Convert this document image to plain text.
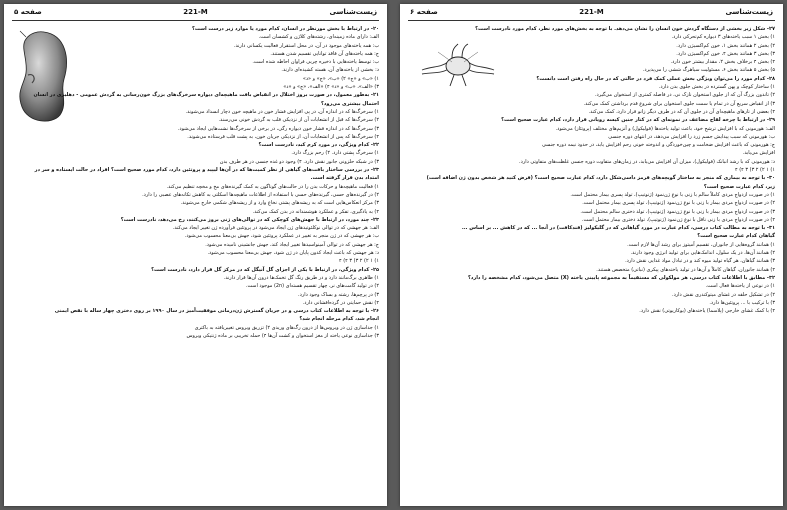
زیست‌شناسی
221-M
صفحه ۵
۲۰- در ارتباط با بخش مورنظر در انسان، کدام مورد یا موارد زیر درست است؟
الف: دارای ماده زمینه‌ای، رشته‌های کلاژن و کشسان است.
ب: همه یاخته‌های موجود در آن، در محل استقرار فعالیت یکسانی دارند.
ج: همه یاخته‌های آن فاقد توانایی تقسیم شدن هستند.
ب: توسط یاخته‌هایی با ذخیره چربی فراوان احاطه شده است.
د: بخشی از یاخته‌های آن، هسته کشیده‌ای دارند.
۱) «ب» و «ج» ۲) «ب»، «ج» و «د»
۳) «الف»، «ب» و «د» ۴) «الف»، «ج» و «د»
۲۱- به‌طور معمول، در صورت بروز اختلال در انقباض بافت ماهیچه‌ای دیواره سرخرگ‌های بزرگ خون‌رسانی به گردش عمومی - دهلیزی در انسان
احتمال بیشتری می‌رود؟
۱) سرخرگ‌ها که در اندازه آن، در پی افزایش فشار خون در ماهیچه خون دچار انسداد می‌شوند.
۲) سرخرگ‌ها که قبل از انشعابات آن از نزدیکی قلب به گردش خونی می‌رسند.
۳) سرخرگ‌ها که در اندازه فشار خون دیواره رگی، در برخی از سرخرگ‌ها نشت‌هایی ایجاد می‌شود.
۴) سرخرگ‌ها که پس از انشعابات آن، از نزدیکی جریان خون، به پشت قلب فرستاده می‌شوند.
۲۲- کدام ویژگی، در مورد کرم کبد، نادرست است؟
۱) سرخرگ پشتی دارد. ۲) رحم بزرگ دارد.
۳) در شبکه حلزونی جانور نقش دارد. ۴) وجود دو غده جنسی در هر طرف بدن
۲۳- در بررسی ساختار بافت‌های گیاهی از نظر کمیت‌ها که در آن‌ها لیپید و پروتئین دارد، کدام مورد صحیح است؟ افراد در حالت ایستاده و سر در
امتداد بدن قرار گرفته است.
۱) فعالیت ماهیچه‌ها و حرکات بدن را در حالت‌های گوناگون به کمک گیرنده‌های مخ و مخچه تنظیم می‌کند.
۲) در گیرنده‌های حسی، گیرنده‌های حسی با استفاده از اطلاعات ماهیچه‌ها اسکلتی به کاهش تکانه‌های عصبی را دارد.
۳) مرکز انعکاس‌هایی است که به ریشه‌های پشتی نخاع وارد و از ریشه‌های شکمی خارج می‌شوند.
۴) به یادگیری، تفکر و عملکرد هوشمندانه در بدن کمک می‌کند.
۲۴- چند مورد، در ارتباط با جهش‌های کوچکی که در توالی‌های ژنی بروز می‌کنند، رخ می‌دهد، نادرست است؟
الف: هر جهشی که در توالی نوکلئوتیدهای ژن ایجاد می‌شود در پروتئین فرآورده ژن تغییر ایجاد می‌کند.
ب: هر جهشی که در ژن منجر به تغییر در عملکرد پروتئین شود، جهش بی‌معنا محسوب می‌شود.
ج: هر جهشی که در توالی آمینواسیدها تغییر ایجاد کند، جهش جانشینی نامیده می‌شود.
د: هر جهشی که باعث ایجاد کدون پایان در ژن شود، جهش بی‌معنا محسوب می‌شود.
۱) ۱ ۲) ۲ ۳) ۳ ۴) ۴
۲۵- کدام ویژگی، در ارتباط با یکی از اجزای گل آنیگل که در مرکز گل قرار دارد، نادرست است؟
۱) ظاهری برگ‌مانند دارد و در طریق رنگ گل تخمک‌ها درون آن‌ها قرار دارند.
۲) در تولید گامت‌های نر، چهار تقسیم هسته‌ای (2n) موجود است.
۳) در پرچم‌ها، رشته و بساک وجود دارد.
۴) نقش حمایتی در گرده‌افشانی دارد.
۲۶- با توجه به اطلاعات کتاب درسی و در جریان گسترش ژن‌درمانی موفقیت‌آمیز در سال ۱۹۹۰ بر روی دختری چهار ساله با نقص ایمنی
انجام شد، کدام مرحله انجام شد؟
۱) جداسازی ژن در ویروس‌ها از درون رگ‌های وریدی ۲) تزریق ویروس تغییریافته به باکتری
۳) جداسازی نوعی یاخته از مغز استخوان و کشت آن‌ها ۴) حمله تخریبی بر ماده ژنتیکی ویروس
زیست‌شناسی
221-M
صفحه ۶
۲۷- شکل زیر بخشی از دستگاه گردش خون انسان را نشان می‌دهد. با توجه به بخش‌های مورد نظر، کدام مورد نادرست است؟
۱) بخش ۱ سبب یاخته‌های ۳ دیواره کم‌تحرکی دارد.
۲) بخش ۲ همانند بخش ۱، خون کم‌اکسیژن دارد.
۳) بخش ۳ همانند بخش ۴، خون کم‌اکسیژن دارد.
۴) بخش ۴ برخلاف بخش ۲، مقدار بیشتر خون دارد.
۵) بخش ۵ همانند بخش ۶، مسئولیت سیاهرگ ششی را می‌پذیرد.
۲۸- کدام مورد را می‌توان ویژگی بخش عملی کمک فرد در حالتی که در حال راه رفتن است دانست؟
۱) ساختار کوچک و پهن گسترده در بخش جلوی بدن دارد.
۲) تاندون بزرگ آن که از جلوی استخوان نازک نی، در فاصله کمتری از استخوان می‌گیرد.
۳) از انقباض سریع آن در تمام یا سمت جلوی استخوان برای شروع قدم برداشتن کمک می‌کند.
۴) بعضی از تارهای ماهیچه‌ای آن در جلوی آن که در طرف دیگر زانو قرار دارد، کمک می‌کند.
۲۹- در ارتباط با چرخه لقاح مضاعف در نمونه‌ای که در کنار جنین کیسه رویانی قرار دارد، کدام عبارت صحیح است؟
الف: هورمونی که با افزایش ترشح خود، باعث تولید یاخته‌ها (فولیکول) و آنزیم‌های مختلف (پروتئاز) می‌شود.
ب: هورمونی که سبب پیدایش جسم زرد را افزایش می‌دهد، در انتهای دوره جنسی
ج: هورمونی که باعث افزایش ضخامت و چین‌خوردگی و اندوخته خونی رحم افزایش یابد، در حدود نیمه دوره جنسی
افزایش می‌یابد.
د: هورمونی که با رشد انبانک (فولیکول)، میزان آن افزایش می‌یابد، در زمان‌های متفاوت دوره جنسی غلظت‌های متفاوتی دارد.
۱) ۱ ۲) ۲ ۳) ۳ ۴) ۴
۳۰- با توجه به بیماری که منجر به ساختار گویچه‌های قرمز داسی‌شکل دارد، کدام عبارت صحیح است؟ (فرض کنید هر شخص بدون ژن اضافه است)
زیر، کدام عبارت صحیح است؟
۱) در صورت ازدواج مردی کاملاً سالم با زنی با نوع ژن‌نمود (ژنوتیپ)، تولد پسری بیمار محتمل است.
۲) در صورت ازدواج مردی بیمار با زنی با نوع ژن‌نمود (ژنوتیپ)، تولد پسری بیمار محتمل است.
۳) در صورت ازدواج مردی بیمار با زنی با نوع ژن‌نمود (ژنوتیپ)، تولد دختری سالم محتمل است.
۴) در صورت ازدواج مردی با زنی ناقل با نوع ژن‌نمود (ژنوتیپ)، تولد دختری بیمار محتمل است.
۳۱- با توجه به مطالب کتاب درسی، کدام عبارت در مورد گیاهانی که در گلیکولیز (قند‌کافت) در آنجا ... که در کاهش ... بر اساس ...
گیاهان کدام عبارت صحیح است؟
۱) همانند گروه‌هایی از جانوران، تقسیم آمیتوز برای رشد آن‌ها لازم است.
۲) همانند آن‌ها، در یک سلول، اندامک‌هایی برای تولید انرژی وجود دارند.
۳) همانند گیاهان، هر گیاه تولید میوه کند و در تبادل مواد غذایی نقش دارد.
۴) همانند جانوران، گیاهان کاملاً و آن‌ها در تولید یاخته‌های پیکری (نباتی) متخصص هستند.
۳۲- مطابق با اطلاعات کتاب درسی، هر مولکولی که مستقیماً به مجموعه پایینی یاخته (X) متصل می‌شود، کدام مشخصه را دارد؟
۱) در نوعی از یاخته‌ها فعال است.
۲) در تشکیل حلقه در غشای میتوکندری نقش دارد.
۳) با ترکیب با ... پروتئین‌ها دارد.
۴) با کمک غشای خارجی (پلاسما) یاخته‌های (یوکاریوتی) نقش دارد.
